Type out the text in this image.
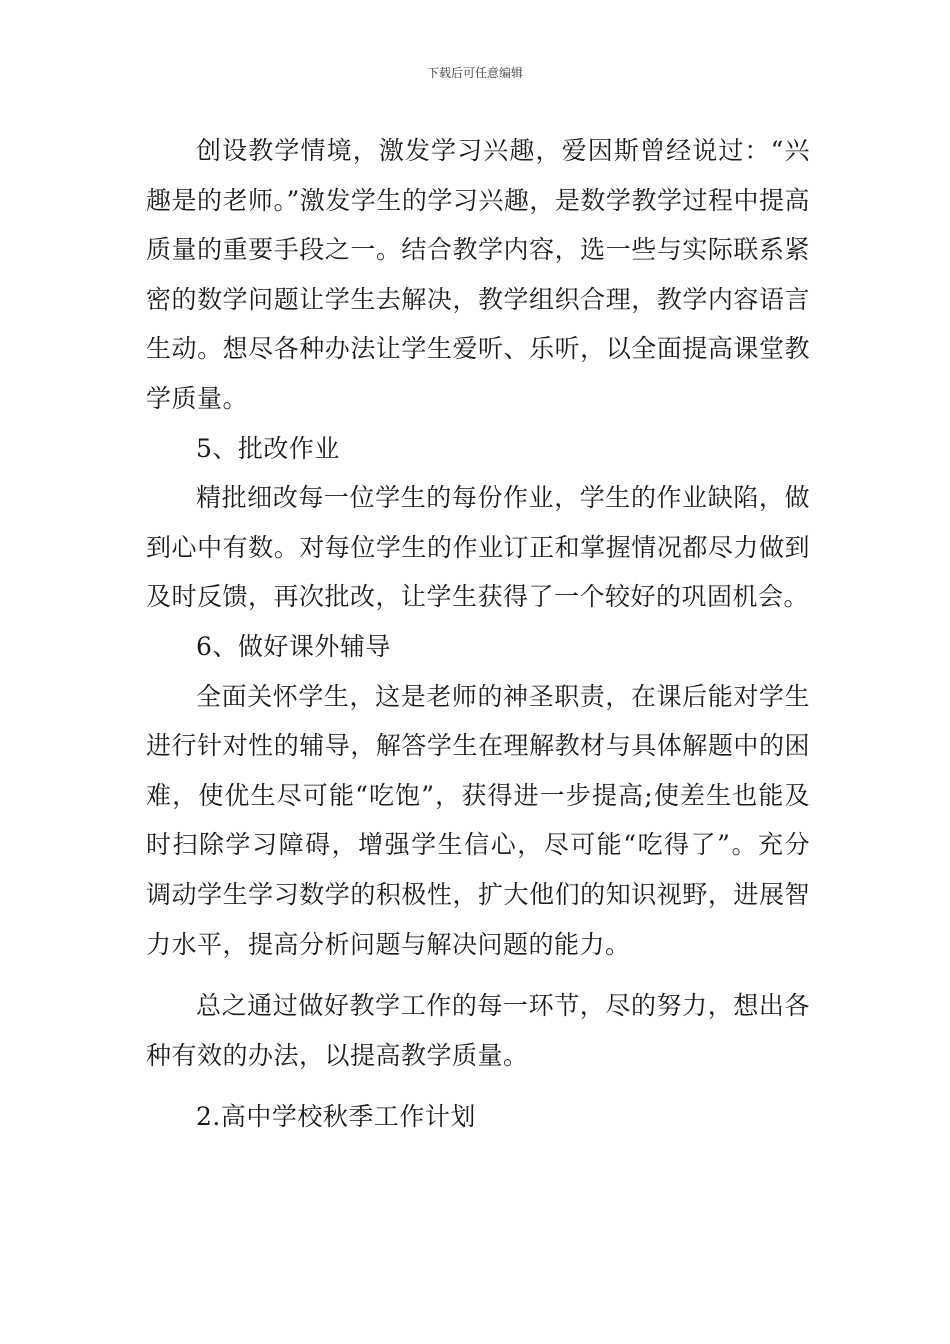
下载后可任意编辑

创设教学情境，激发学习兴趣，爱因斯曾经说过：“兴趣是的老师。”激发学生的学习兴趣，是数学教学过程中提高质量的重要手段之一。结合教学内容，选一些与实际联系紧密的数学问题让学生去解决，教学组织合理，教学内容语言生动。想尽各种办法让学生爱听、乐听，以全面提高课堂教学质量。

5、批改作业

精批细改每一位学生的每份作业，学生的作业缺陷，做到心中有数。对每位学生的作业订正和掌握情况都尽力做到及时反馈，再次批改，让学生获得了一个较好的巩固机会。

6、做好课外辅导

全面关怀学生，这是老师的神圣职责，在课后能对学生进行针对性的辅导，解答学生在理解教材与具体解题中的困难，使优生尽可能“吃饱”，获得进一步提高;使差生也能及时扫除学习障碍，增强学生信心，尽可能“吃得了”。充分调动学生学习数学的积极性，扩大他们的知识视野，进展智力水平，提高分析问题与解决问题的能力。

总之通过做好教学工作的每一环节，尽的努力，想出各种有效的办法，以提高教学质量。

2.高中学校秋季工作计划
